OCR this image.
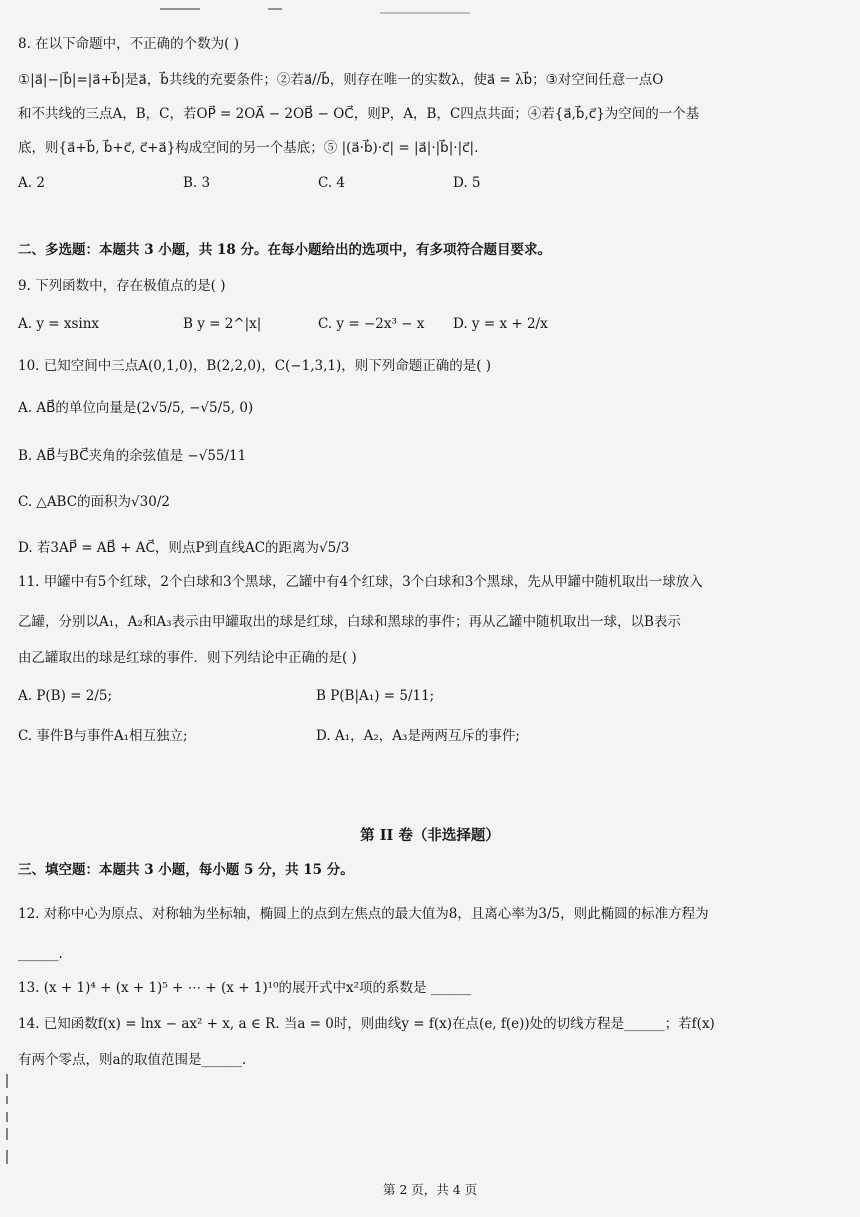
8. 在以下命题中，不正确的个数为( )
①|a⃗|−|b⃗|=|a⃗+b⃗|是a⃗，b⃗共线的充要条件；②若a⃗//b⃗，则存在唯一的实数λ，使a⃗ = λb⃗；③对空间任意一点O
和不共线的三点A，B，C，若OP⃗ = 2OA⃗ − 2OB⃗ − OC⃗，则P，A，B，C四点共面；④若{a⃗,b⃗,c⃗}为空间的一个基
底，则{a⃗+b⃗, b⃗+c⃗, c⃗+a⃗}构成空间的另一个基底；⑤ |(a⃗·b⃗)·c⃗| = |a⃗|·|b⃗|·|c⃗|.
A. 2	B. 3	C. 4	D. 5
二、多选题：本题共 3 小题，共 18 分。在每小题给出的选项中，有多项符合题目要求。
9. 下列函数中，存在极值点的是( )
A. y = xsinx	B y = 2^|x|	C. y = −2x³ − x D. y = x + 2/x
10. 已知空间中三点A(0,1,0)，B(2,2,0)，C(−1,3,1)，则下列命题正确的是( )
A. AB⃗的单位向量是(2√5/5, −√5/5, 0)
B. AB⃗与BC⃗夹角的余弦值是 −√55/11
C. △ABC的面积为√30/2
D. 若3AP⃗ = AB⃗ + AC⃗，则点P到直线AC的距离为√5/3
11. 甲罐中有5个红球，2个白球和3个黑球，乙罐中有4个红球，3个白球和3个黑球，先从甲罐中随机取出一球放入
乙罐，分别以A₁，A₂和A₃表示由甲罐取出的球是红球，白球和黑球的事件；再从乙罐中随机取出一球，以B表示
由乙罐取出的球是红球的事件．则下列结论中正确的是( )
A. P(B) = 2/5;	B P(B|A₁) = 5/11;
C. 事件B与事件A₁相互独立;	D. A₁，A₂，A₃是两两互斥的事件;
第 II 卷（非选择题）
三、填空题：本题共 3 小题，每小题 5 分，共 15 分。
12. 对称中心为原点、对称轴为坐标轴，椭圆上的点到左焦点的最大值为8，且离心率为3/5，则此椭圆的标准方程为
______.
13. (x + 1)⁴ + (x + 1)⁵ + ⋯ + (x + 1)¹⁰的展开式中x²项的系数是 ______
14. 已知函数f(x) = lnx − ax² + x, a ∈ R. 当a = 0时，则曲线y = f(x)在点(e, f(e))处的切线方程是______；若f(x)
有两个零点，则a的取值范围是______.
第 2 页，共 4 页
